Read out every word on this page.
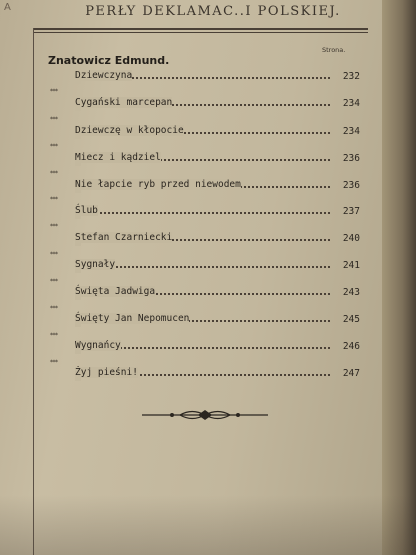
A	PERŁY DEKLAMAC..I POLSKIEJ.
Strona.
Znatowicz Edmund.
Dziewczyna	232
***
Cygański marcepan	234
***
Dziewczę w kłopocie	234
***
Miecz i kądziel	236
***
Nie łapcie ryb przed niewodem	236
***
Ślub	237
***
Stefan Czarniecki	240
***
Sygnały	241
***
Święta Jadwiga	243
***
Święty Jan Nepomucen	245
***
Wygnańcy	246
***
Żyj pieśni!	247
